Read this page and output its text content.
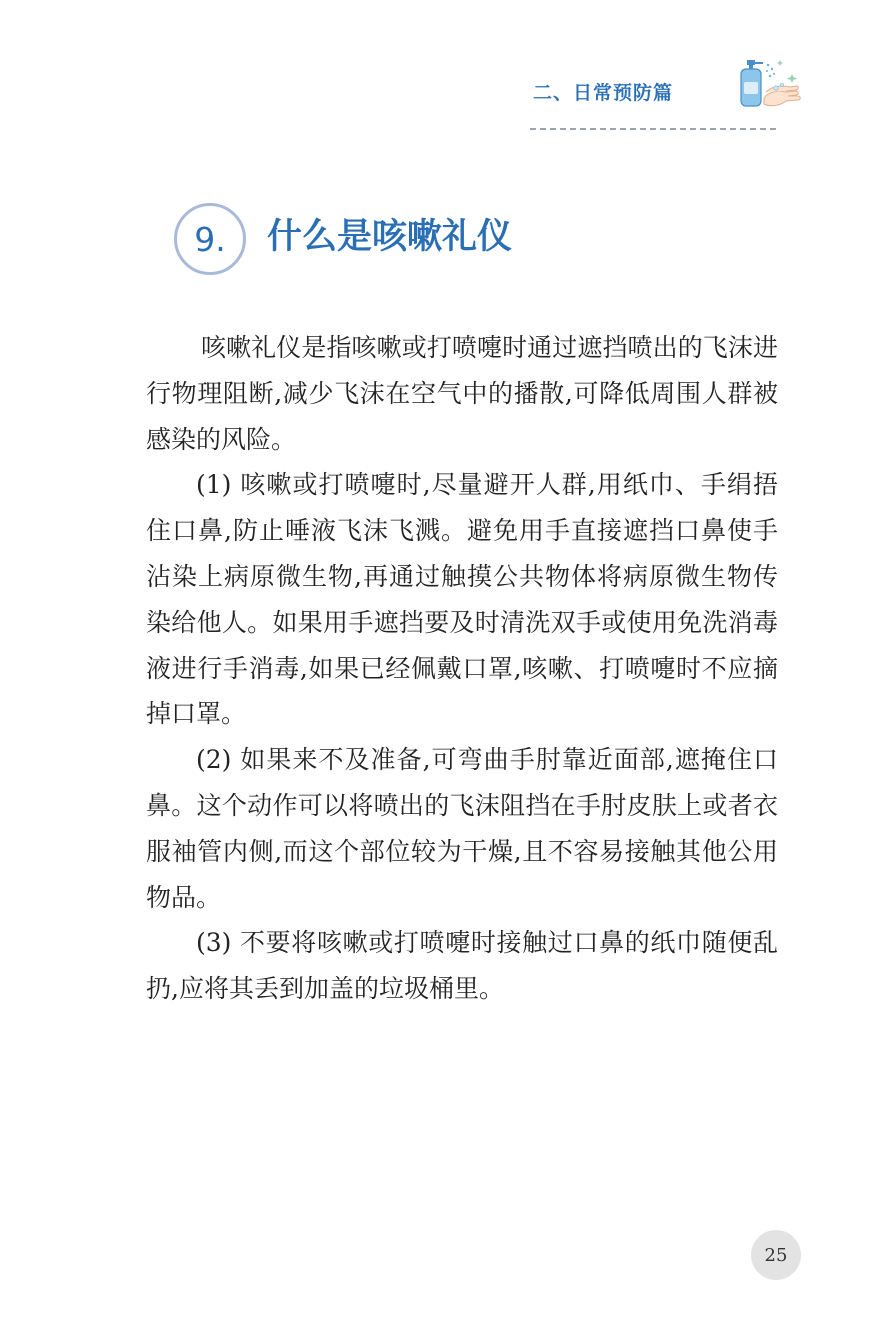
二、日常预防篇
9. 什么是咳嗽礼仪

咳嗽礼仪是指咳嗽或打喷嚏时通过遮挡喷出的飞沫进行物理阻断,减少飞沫在空气中的播散,可降低周围人群被感染的风险。

(1) 咳嗽或打喷嚏时,尽量避开人群,用纸巾、手绢捂住口鼻,防止唾液飞沫飞溅。避免用手直接遮挡口鼻使手沾染上病原微生物,再通过触摸公共物体将病原微生物传染给他人。如果用手遮挡要及时清洗双手或使用免洗消毒液进行手消毒,如果已经佩戴口罩,咳嗽、打喷嚏时不应摘掉口罩。

(2) 如果来不及准备,可弯曲手肘靠近面部,遮掩住口鼻。这个动作可以将喷出的飞沫阻挡在手肘皮肤上或者衣服袖管内侧,而这个部位较为干燥,且不容易接触其他公用物品。

(3) 不要将咳嗽或打喷嚏时接触过口鼻的纸巾随便乱扔,应将其丢到加盖的垃圾桶里。

25
